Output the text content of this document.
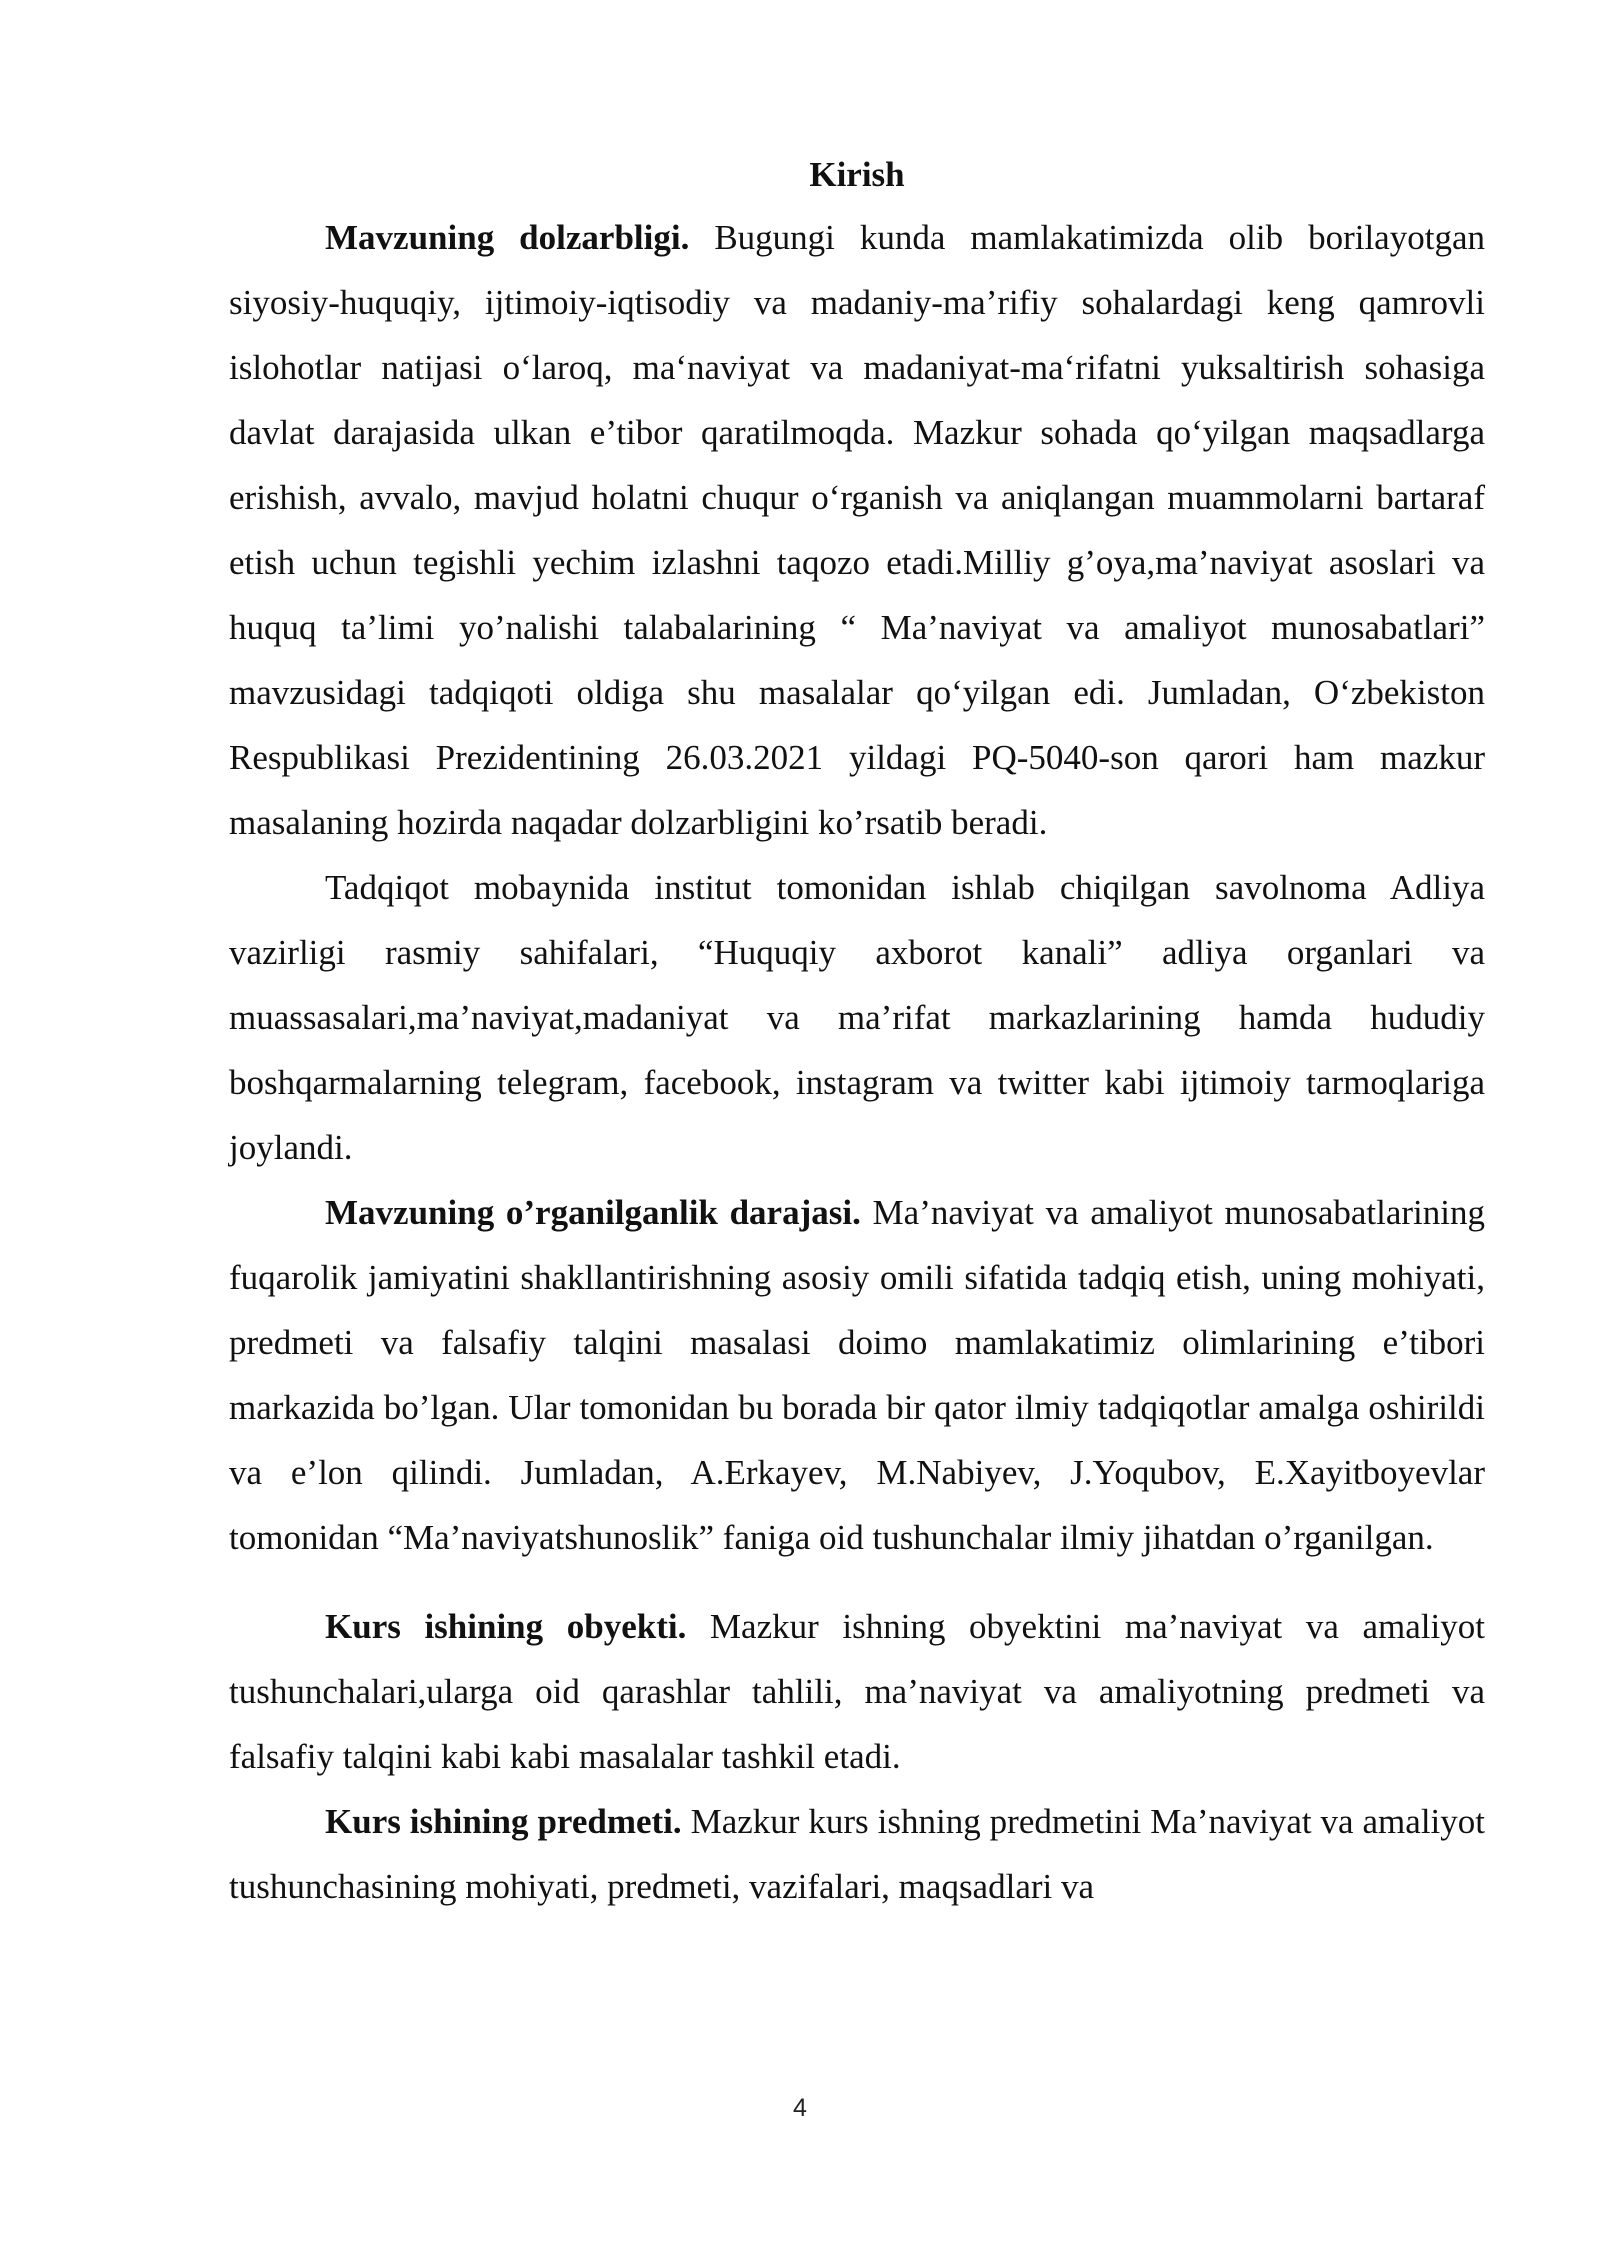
Kirish

Mavzuning dolzarbligi. Bugungi kunda mamlakatimizda olib borilayotgan siyosiy-huquqiy, ijtimoiy-iqtisodiy va madaniy-ma’rifiy sohalardagi keng qamrovli islohotlar natijasi o‘laroq, ma‘naviyat va madaniyat-ma‘rifatni yuksaltirish sohasiga davlat darajasida ulkan e’tibor qaratilmoqda. Mazkur sohada qo‘yilgan maqsadlarga erishish, avvalo, mavjud holatni chuqur o‘rganish va aniqlangan muammolarni bartaraf etish uchun tegishli yechim izlashni taqozo etadi.Milliy g’oya,ma’naviyat asoslari va huquq ta’limi yo’nalishi talabalarining “ Ma’naviyat va amaliyot munosabatlari” mavzusidagi tadqiqoti oldiga shu masalalar qo‘yilgan edi. Jumladan, O‘zbekiston Respublikasi Prezidentining 26.03.2021 yildagi PQ-5040-son qarori ham mazkur masalaning hozirda naqadar dolzarbligini ko’rsatib beradi.

Tadqiqot mobaynida institut tomonidan ishlab chiqilgan savolnoma Adliya vazirligi rasmiy sahifalari, “Huquqiy axborot kanali” adliya organlari va muassasalari,ma’naviyat,madaniyat va ma’rifat markazlarining hamda hududiy boshqarmalarning telegram, facebook, instagram va twitter kabi ijtimoiy tarmoqlariga joylandi.

Mavzuning o’rganilganlik darajasi. Ma’naviyat va amaliyot munosabatlarining fuqarolik jamiyatini shakllantirishning asosiy omili sifatida tadqiq etish, uning mohiyati, predmeti va falsafiy talqini masalasi doimo mamlakatimiz olimlarining e’tibori markazida bo’lgan. Ular tomonidan bu borada bir qator ilmiy tadqiqotlar amalga oshirildi va e’lon qilindi. Jumladan, A.Erkayev, M.Nabiyev, J.Yoqubov, E.Xayitboyevlar tomonidan “Ma’naviyatshunoslik” faniga oid tushunchalar ilmiy jihatdan o’rganilgan.

Kurs ishining obyekti. Mazkur ishning obyektini ma’naviyat va amaliyot tushunchalari,ularga oid qarashlar tahlili, ma’naviyat va amaliyotning predmeti va falsafiy talqini kabi kabi masalalar tashkil etadi.

Kurs ishining predmeti. Mazkur kurs ishning predmetini Ma’naviyat va amaliyot tushunchasining mohiyati, predmeti, vazifalari, maqsadlari va

4
